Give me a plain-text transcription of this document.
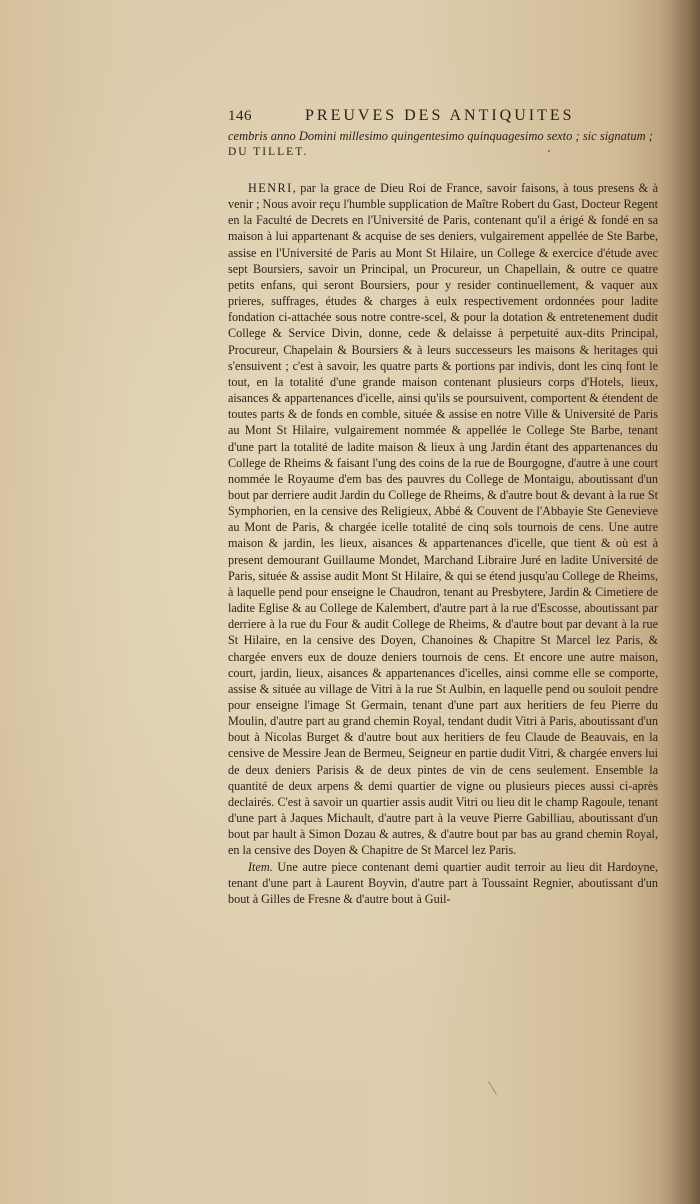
146	PREUVES DES ANTIQUITES
cembris anno Domini millesimo quingentesimo quinquagesimo sexto ; sic signatum ;
DU TILLET.

HENRI, par la grace de Dieu Roi de France, savoir faisons, à tous presens & à venir ; Nous avoir reçu l'humble supplication de Maître Robert du Gast, Docteur Regent en la Faculté de Decrets en l'Université de Paris, contenant qu'il a érigé & fondé en sa maison à lui appartenant & acquise de ses deniers, vulgairement appellée de Ste Barbe, assise en l'Université de Paris au Mont St Hilaire, un College & exercice d'étude avec sept Boursiers, savoir un Principal, un Procureur, un Chapellain, & outre ce quatre petits enfans, qui seront Boursiers, pour y resider continuellement, & vaquer aux prieres, suffrages, études & charges à eulx respectivement ordonnées pour ladite fondation ci-attachée sous notre contre-scel, & pour la dotation & entretenement dudit College & Service Divin, donne, cede & delaisse à perpetuité aux-dits Principal, Procureur, Chapelain & Boursiers & à leurs successeurs les maisons & heritages qui s'ensuivent ; c'est à savoir, les quatre parts & portions par indivis, dont les cinq font le tout, en la totalité d'une grande maison contenant plusieurs corps d'Hotels, lieux, aisances & appartenances d'icelle, ainsi qu'ils se poursuivent, comportent & étendent de toutes parts & de fonds en comble, située & assise en notre Ville & Université de Paris au Mont St Hilaire, vulgairement nommée & appellée le College Ste Barbe, tenant d'une part la totalité de ladite maison & lieux à ung Jardin étant des appartenances du College de Rheims & faisant l'ung des coins de la rue de Bourgogne, d'autre à une court nommée le Royaume d'em bas des pauvres du College de Montaigu, aboutissant d'un bout par derriere audit Jardin du College de Rheims, & d'autre bout & devant à la rue St Symphorien, en la censive des Religieux, Abbé & Couvent de l'Abbayie Ste Genevieve au Mont de Paris, & chargée icelle totalité de cinq sols tournois de cens. Une autre maison & jardin, les lieux, aisances & appartenances d'icelle, que tient & où est à present demourant Guillaume Mondet, Marchand Libraire Juré en ladite Université de Paris, située & assise audit Mont St Hilaire, & qui se étend jusqu'au College de Rheims, à laquelle pend pour enseigne le Chaudron, tenant au Presbytere, Jardin & Cimetiere de ladite Eglise & au College de Kalembert, d'autre part à la rue d'Escosse, aboutissant par derriere à la rue du Four & audit College de Rheims, & d'autre bout par devant à la rue St Hilaire, en la censive des Doyen, Chanoines & Chapitre St Marcel lez Paris, & chargée envers eux de douze deniers tournois de cens. Et encore une autre maison, court, jardin, lieux, aisances & appartenances d'icelles, ainsi comme elle se comporte, assise & située au village de Vitri à la rue St Aulbin, en laquelle pend ou souloit pendre pour enseigne l'image St Germain, tenant d'une part aux heritiers de feu Pierre du Moulin, d'autre part au grand chemin Royal, tendant dudit Vitri à Paris, aboutissant d'un bout à Nicolas Burget & d'autre bout aux heritiers de feu Claude de Beauvais, en la censive de Messire Jean de Bermeu, Seigneur en partie dudit Vitri, & chargée envers lui de deux deniers Parisis & de deux pintes de vin de cens seulement. Ensemble la quantité de deux arpens & demi quartier de vigne ou plusieurs pieces aussi ci-après declairés. C'est à savoir un quartier assis audit Vitri ou lieu dit le champ Ragoule, tenant d'une part à Jaques Michault, d'autre part à la veuve Pierre Gabilliau, aboutissant d'un bout par hault à Simon Dozau & autres, & d'autre bout par bas au grand chemin Royal, en la censive des Doyen & Chapitre de St Marcel lez Paris.

Item. Une autre piece contenant demi quartier audit terroir au lieu dit Hardoyne, tenant d'une part à Laurent Boyvin, d'autre part à Toussaint Regnier, aboutissant d'un bout à Gilles de Fresne & d'autre bout à Guil-
